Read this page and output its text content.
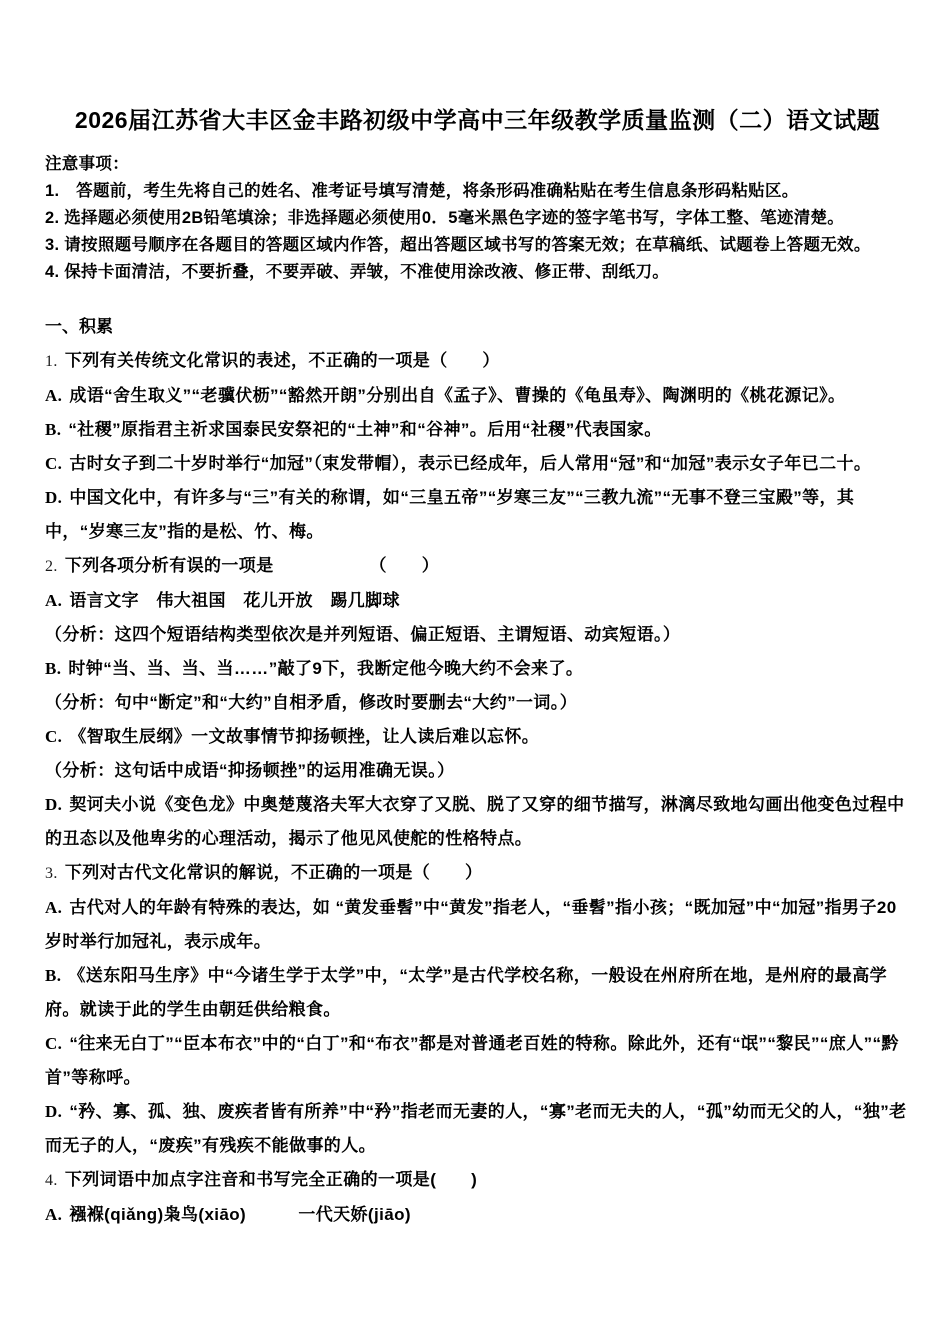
2026届江苏省大丰区金丰路初级中学高中三年级教学质量监测（二）语文试题

注意事项：

1.　答题前，考生先将自己的姓名、准考证号填写清楚，将条形码准确粘贴在考生信息条形码粘贴区。

2. 选择题必须使用2B铅笔填涂；非选择题必须使用0．5毫米黑色字迹的签字笔书写，字体工整、笔迹清楚。

3. 请按照题号顺序在各题目的答题区域内作答，超出答题区域书写的答案无效；在草稿纸、试题卷上答题无效。

4. 保持卡面清洁，不要折叠，不要弄破、弄皱，不准使用涂改液、修正带、刮纸刀。

一、积累

1. 下列有关传统文化常识的表述，不正确的一项是（　　）

A. 成语“舍生取义”“老骥伏枥”“豁然开朗”分别出自《孟子》、曹操的《龟虽寿》、陶渊明的《桃花源记》。

B. “社稷”原指君主祈求国泰民安祭祀的“土神”和“谷神”。后用“社稷”代表国家。

C. 古时女子到二十岁时举行“加冠”（束发带帽），表示已经成年，后人常用“冠”和“加冠”表示女子年已二十。

D. 中国文化中，有许多与“三”有关的称谓，如“三皇五帝”“岁寒三友”“三教九流”“无事不登三宝殿”等，其中，“岁寒三友”指的是松、竹、梅。

2. 下列各项分析有误的一项是　　　　　　（　　）

A. 语言文字　伟大祖国　花儿开放　踢几脚球

（分析：这四个短语结构类型依次是并列短语、偏正短语、主谓短语、动宾短语。）

B. 时钟“当、当、当、当……”敲了9下，我断定他今晚大约不会来了。

（分析：句中“断定”和“大约”自相矛盾，修改时要删去“大约”一词。）

C. 《智取生辰纲》一文故事情节抑扬顿挫，让人读后难以忘怀。

（分析：这句话中成语“抑扬顿挫”的运用准确无误。）

D. 契诃夫小说《变色龙》中奥楚蔑洛夫军大衣穿了又脱、脱了又穿的细节描写，淋漓尽致地勾画出他变色过程中的丑态以及他卑劣的心理活动，揭示了他见风使舵的性格特点。

3. 下列对古代文化常识的解说，不正确的一项是（　　）

A. 古代对人的年龄有特殊的表达，如 “黄发垂髫”中“黄发”指老人，“垂髫”指小孩；“既加冠”中“加冠”指男子20岁时举行加冠礼，表示成年。

B. 《送东阳马生序》中“今诸生学于太学”中，“太学”是古代学校名称，一般设在州府所在地，是州府的最高学府。就读于此的学生由朝廷供给粮食。

C. “往来无白丁”“臣本布衣”中的“白丁”和“布衣”都是对普通老百姓的特称。除此外，还有“氓”“黎民”“庶人”“黔首”等称呼。

D. “矜、寡、孤、独、废疾者皆有所养”中“矜”指老而无妻的人，“寡”老而无夫的人，“孤”幼而无父的人，“独”老而无子的人，“废疾”有残疾不能做事的人。

4. 下列词语中加点字注音和书写完全正确的一项是(　　)

A. 襁褓(qiǎng)枭鸟(xiāo)　　　一代天娇(jiāo)
